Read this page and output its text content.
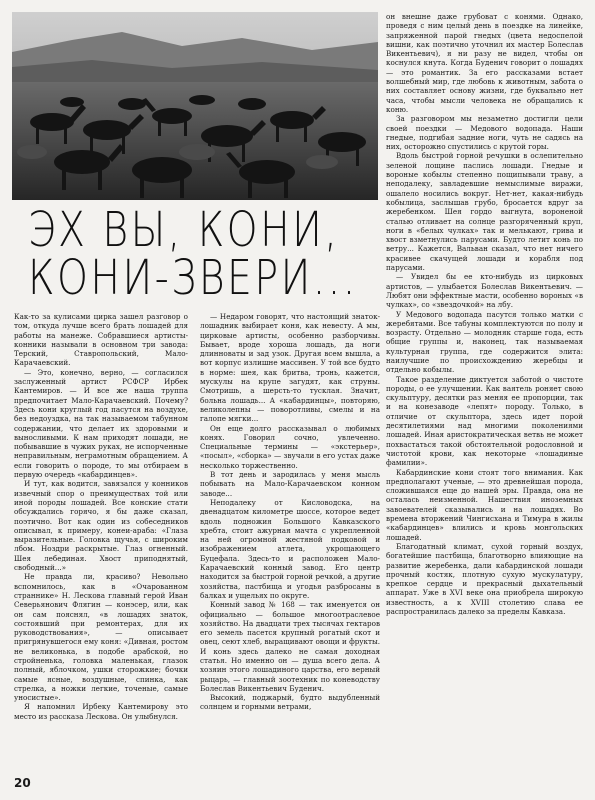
ЭХ ВЫ, КОНИ,
КОНИ-ЗВЕРИ...

он внешне даже грубоват с конями. Однако, проведя с ним целый день в поездке на линейке, запряженной парой гнедых (цвета недоспелой вишни, как поэтично уточнил их мастер Болеслав Викентьевич), я ни разу не видел, чтобы он коснулся кнута. Когда Буденич говорит о лошадях — это романтик. За его рассказами встает волшебный мир, где любовь к животным, забота о них составляет основу жизни, где буквально нет часа, чтобы мысли человека не обращались к коню.

За разговором мы незаметно достигли цели своей поездки — Медового водопада. Наши гнедые, подгибая задние ноги, чуть не садясь на них, осторожно спустились с крутой горы.

Вдоль быстрой горной речушки в ослепительно зеленой лощине паслись лошади. Гнедые и вороные кобылы степенно пощипывали траву, а неподалеку, завладевшие немыслимые виражи, ошалело носились вокруг. Нет-нет, какая-нибудь кобылица, заслышав грубо, бросается вдруг за жеребенком. Шея гордо выгнута, вороненой сталью отливает на солнце разгоряченный круп, ноги в «белых чулках» так и мелькают, грива и хвост взметнулись парусами. Будто летит конь по ветру... Кажется, Вальван сказал, что нет ничего красивее скачущей лошади и корабля под парусами.

— Увидел бы ее кто-нибудь из цирковых артистов, — улыбается Болеслав Викентьевич. — Любят они эффектные масти, особенно вороных «в чулках», со «звездочкой» на лбу.

У Медового водопада пасутся только матки с жеребятами. Все табуны комплектуются по полу и возрасту. Отдельно — молодняк старше года, есть общие группы и, наконец, так называемая культурная группа, где содержится элита: наилучшие по происхождению жеребцы и отдельно кобылы.

Такое разделение диктуется заботой о чистоте породы, о ее улучшении. Как ваятель роняет свою скульптуру, десятки раз меняя ее пропорции, так и на конезаводе «лепят» породу. Только, в отличие от скульптора, здесь идет порой десятилетиями над многими поколениями лошадей. Иная аристократическая ветвь не может похвастаться такой обстоятельной родословной и чистотой крови, как некоторые «лошадиные фамилии».

Кабардинские кони стоят того внимания. Как предполагают ученые, — это древнейшая порода, сложившаяся еще до нашей эры. Правда, она не осталась неизменной. Нашествия иноземных завоевателей сказывались и на лошадях. Во времена вторжений Чингисхана и Тимура в жилы «кабардинцев» влились и кровь монгольских лошадей.

Благодатный климат, сухой горный воздух, богатейшие пастбища, благотворно влияющие на развитие жеребенка, дали кабардинской лошади прочный костяк, плотную сухую мускулатуру, крепкое сердце и прекрасный дыхательный аппарат. Уже в XVI веке она приобрела широкую известность, а к XVIII столетию слава ее распространилась далеко за пределы Кавказа.

Как-то за кулисами цирка зашел разговор о том, откуда лучше всего брать лошадей для работы на манеже. Собравшиеся артисты-конники называли в основном три завода: Терский, Ставропольский, Мало-Карачаевский.

— Это, конечно, верно, — согласился заслуженный артист РСФСР Ирбек Кантемиров. — И все же наша труппа предпочитает Мало-Карачаевский. Почему? Здесь кони круглый год пасутся на воздухе, без недоуздка, на так называемом табунном содержании, что делает их здоровыми и выносливыми. К нам приходят лошади, не побывавшие в чужих руках, не испорченные неправильным, неграмотным обращением. А если говорить о породе, то мы отбираем в первую очередь «кабардинцев».

И тут, как водится, завязался у конников извечный спор о преимуществах той или иной породы лошадей. Все конские стати обсуждались горячо, я бы даже сказал, поэтично. Вот как один из собеседников описывал, к примеру, конеи-араба: «Глаза выразительные. Головка щучья, с широким лбом. Ноздри раскрытые. Глаз огненный. Шея лебединая. Хвост приподнятый, свободный...»

Не правда ли, красиво? Невольно вспомнилось, как в «Очарованном страннике» Н. Лескова главный герой Иван Северьянович Флягин — конэсер, или, как он сам пояснял, «в лошадях знаток, состоявший при ремонтерах, для их руководствования», — описывает пригрянувшегося ему коня: «Дивная, ростом не великонька, в подобе арабской, но стройненька, головка маленькая, глазок полный, яблочком, ушки сторожкие; бочки самые ясные, воздушные, спинка, как стрелка, а ножки легкие, точеные, самые уносистые».

Я напомнил Ирбеку Кантемирову это место из рассказа Лескова. Он улыбнулся.

— Недаром говорят, что настоящий знаток-лошадник выбирает коня, как невесту. А мы, цирковые артисты, особенно разборчивы. Бывает, вроде хороша лошадь, да ноги длинноваты и зад узок. Другая всем вышла, а вот корпус излишне массивен. У той все будто в норме: шея, как бритва, тронь, кажется, мускулы на крупе загудят, как струны. Смотришь, а шерсть-то тусклая. Значит, больна лошадь... А «кабардинцы», повторяю, великолепны — поворотливы, смелы и на галопе мягки...

Он еще долго рассказывал о любимых конях. Говорил сочно, увлеченно. Специальные термины — «экстерьер», «посыл», «сборка» — звучали в его устах даже несколько торжественно.

В тот день и зародилась у меня мысль побывать на Мало-Карачаевском конном заводе...

Неподалеку от Кисловодска, на двенадцатом километре шоссе, которое ведет вдоль подножия Большого Кавказского хребта, стоит ажурная мачта с укрепленной на ней огромной жестяной подковой и изображением атлета, укрощающего Буцефала. Здесь-то и расположен Мало-Карачаевский конный завод. Его центр находится за быстрой горной речкой, а другие хозяйства, пастбища и угодья разбросаны в балках и ущельях по округе.

Конный завод № 168 — так именуется он официально — большое многоотраслевое хозяйство. На двадцати трех тысячах гектаров его земель пасется крупный рогатый скот и овец, сеют хлеб, выращивают овощи и фрукты. И конь здесь далеко не самая доходная статья. Но именно он — душа всего дела. А хозяин этого лошадиного царства, его верный рыцарь, — главный зоотехник по коневодству Болеслав Викентьевич Буденич.

Высокий, поджарый, будто выдубленный солнцем и горными ветрами,

20
